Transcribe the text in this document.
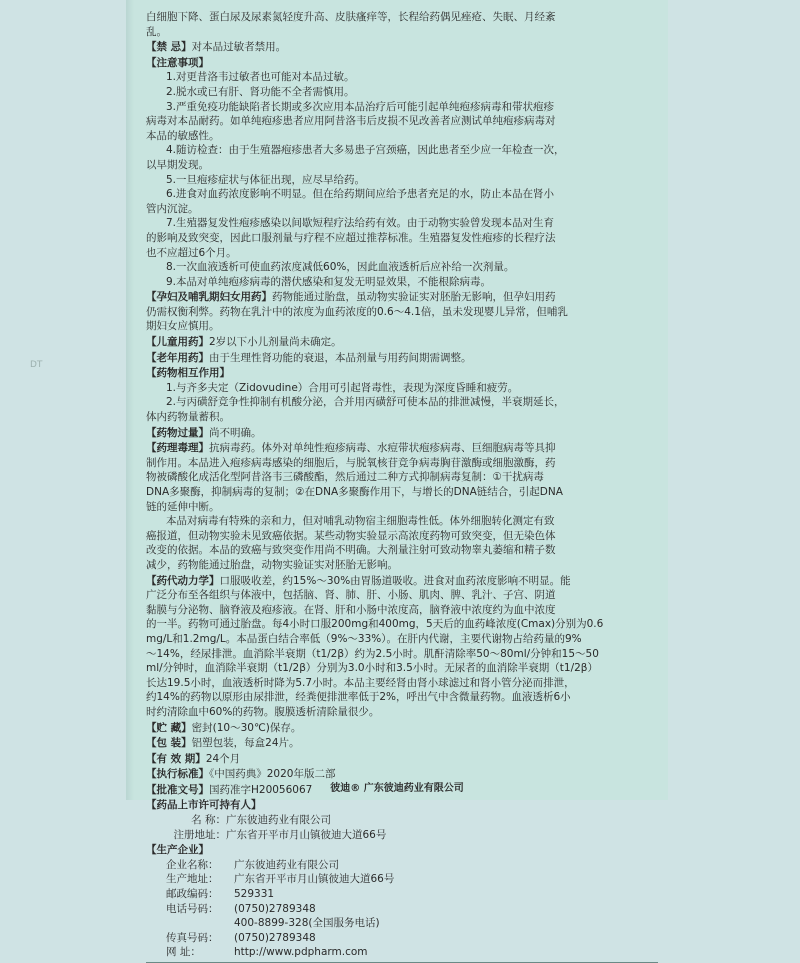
DT
白细胞下降、蛋白尿及尿素氮轻度升高、皮肤瘙痒等，长程给药偶见痤疮、失眠、月经紊
乱。
【禁 忌】对本品过敏者禁用。
【注意事项】
1.对更昔洛韦过敏者也可能对本品过敏。
2.脱水或已有肝、肾功能不全者需慎用。
3.严重免疫功能缺陷者长期或多次应用本品治疗后可能引起单纯疱疹病毒和带状疱疹
病毒对本品耐药。如单纯疱疹患者应用阿昔洛韦后皮损不见改善者应测试单纯疱疹病毒对
本品的敏感性。
4.随访检查：由于生殖器疱疹患者大多易患子宫颈癌，因此患者至少应一年检查一次，
以早期发现。
5.一旦疱疹症状与体征出现，应尽早给药。
6.进食对血药浓度影响不明显。但在给药期间应给予患者充足的水，防止本品在肾小
管内沉淀。
7.生殖器复发性疱疹感染以间歇短程疗法给药有效。由于动物实验曾发现本品对生育
的影响及致突变，因此口服剂量与疗程不应超过推荐标准。生殖器复发性疱疹的长程疗法
也不应超过6个月。
8.一次血液透析可使血药浓度减低60%，因此血液透析后应补给一次剂量。
9.本品对单纯疱疹病毒的潜伏感染和复发无明显效果，不能根除病毒。
【孕妇及哺乳期妇女用药】药物能通过胎盘，虽动物实验证实对胚胎无影响，但孕妇用药
仍需权衡利弊。药物在乳汁中的浓度为血药浓度的0.6～4.1倍，虽未发现婴儿异常，但哺乳
期妇女应慎用。
【儿童用药】2岁以下小儿剂量尚未确定。
【老年用药】由于生理性肾功能的衰退，本品剂量与用药间期需调整。
【药物相互作用】
1.与齐多夫定（Zidovudine）合用可引起肾毒性，表现为深度昏睡和疲劳。
2.与丙磺舒竞争性抑制有机酸分泌，合并用丙磺舒可使本品的排泄减慢，半衰期延长，
体内药物量蓄积。
【药物过量】尚不明确。
【药理毒理】抗病毒药。体外对单纯性疱疹病毒、水痘带状疱疹病毒、巨细胞病毒等具抑
制作用。本品进入疱疹病毒感染的细胞后，与脱氧核苷竞争病毒胸苷激酶或细胞激酶，药
物被磷酸化成活化型阿昔洛韦三磷酸酯，然后通过二种方式抑制病毒复制：①干扰病毒
DNA多聚酶，抑制病毒的复制；②在DNA多聚酶作用下，与增长的DNA链结合，引起DNA
链的延伸中断。
本品对病毒有特殊的亲和力，但对哺乳动物宿主细胞毒性低。体外细胞转化测定有致
癌报道，但动物实验未见致癌依据。某些动物实验显示高浓度药物可致突变，但无染色体
改变的依据。本品的致癌与致突变作用尚不明确。大剂量注射可致动物睾丸萎缩和精子数
减少，药物能通过胎盘，动物实验证实对胚胎无影响。
【药代动力学】口服吸收差，约15%～30%由胃肠道吸收。进食对血药浓度影响不明显。能
广泛分布至各组织与体液中，包括脑、肾、肺、肝、小肠、肌肉、脾、乳汁、子宫、阴道
黏膜与分泌物、脑脊液及疱疹液。在肾、肝和小肠中浓度高，脑脊液中浓度约为血中浓度
的一半。药物可通过胎盘。每4小时口服200mg和400mg，5天后的血药峰浓度(Cmax)分别为0.6
mg/L和1.2mg/L。本品蛋白结合率低（9%～33%）。在肝内代谢，主要代谢物占给药量的9%
～14%，经尿排泄。血消除半衰期（t1/2β）约为2.5小时。肌酐清除率50～80ml/分钟和15～50
ml/分钟时，血消除半衰期（t1/2β）分别为3.0小时和3.5小时。无尿者的血消除半衰期（t1/2β）
长达19.5小时，血液透析时降为5.7小时。本品主要经肾由肾小球滤过和肾小管分泌而排泄，
约14%的药物以原形由尿排泄，经粪便排泄率低于2%，呼出气中含微量药物。血液透析6小
时约清除血中60%的药物。腹膜透析清除量很少。
【贮 藏】密封(10～30℃)保存。
【包 装】铝塑包装，每盒24片。
【有 效 期】24个月
【执行标准】《中国药典》2020年版二部
【批准文号】国药准字H20056067
【药品上市许可持有人】
名 称： 广东彼迪药业有限公司
注册地址： 广东省开平市月山镇彼迪大道66号
【生产企业】
企业名称：	广东彼迪药业有限公司
生产地址：	广东省开平市月山镇彼迪大道66号
邮政编码：	529331
电话号码：	(0750)2789348
400-8899-328(全国服务电话)
传真号码：	(0750)2789348
网 址：	http://www.pdpharm.com
彼迪® 广东彼迪药业有限公司
